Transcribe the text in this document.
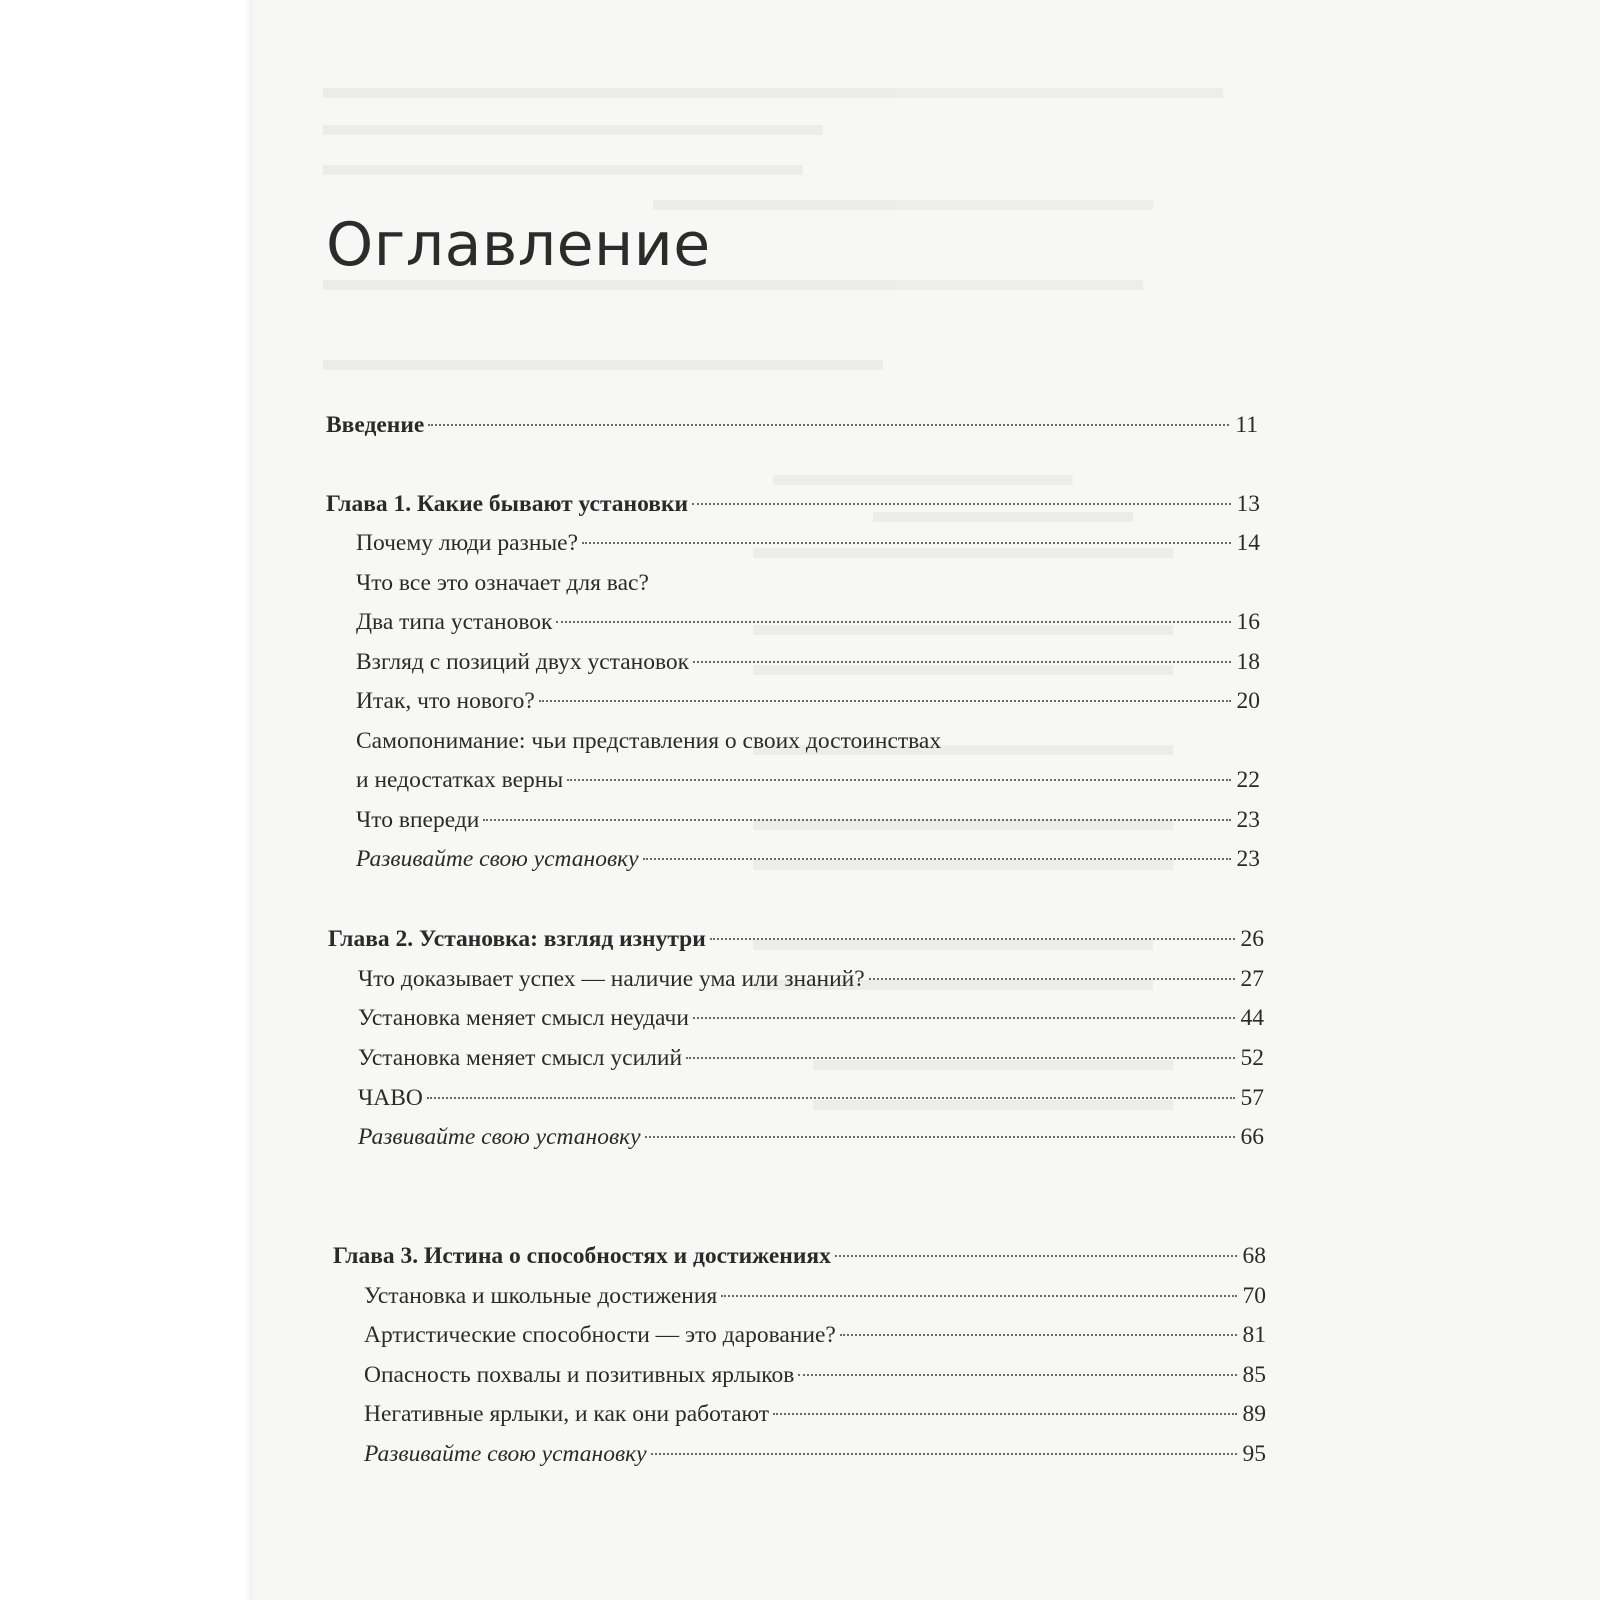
Оглавление
Введение	11
Глава 1. Какие бывают установки	13
Почему люди разные?	14
Что все это означает для вас?
Два типа установок	16
Взгляд с позиций двух установок	18
Итак, что нового?	20
Самопонимание: чьи представления о своих достоинствах
и недостатках верны	22
Что впереди	23
Развивайте свою установку	23
Глава 2. Установка: взгляд изнутри	26
Что доказывает успех — наличие ума или знаний?	27
Установка меняет смысл неудачи	44
Установка меняет смысл усилий	52
ЧАВО	57
Развивайте свою установку	66
Глава 3. Истина о способностях и достижениях	68
Установка и школьные достижения	70
Артистические способности — это дарование?	81
Опасность похвалы и позитивных ярлыков	85
Негативные ярлыки, и как они работают	89
Развивайте свою установку	95
